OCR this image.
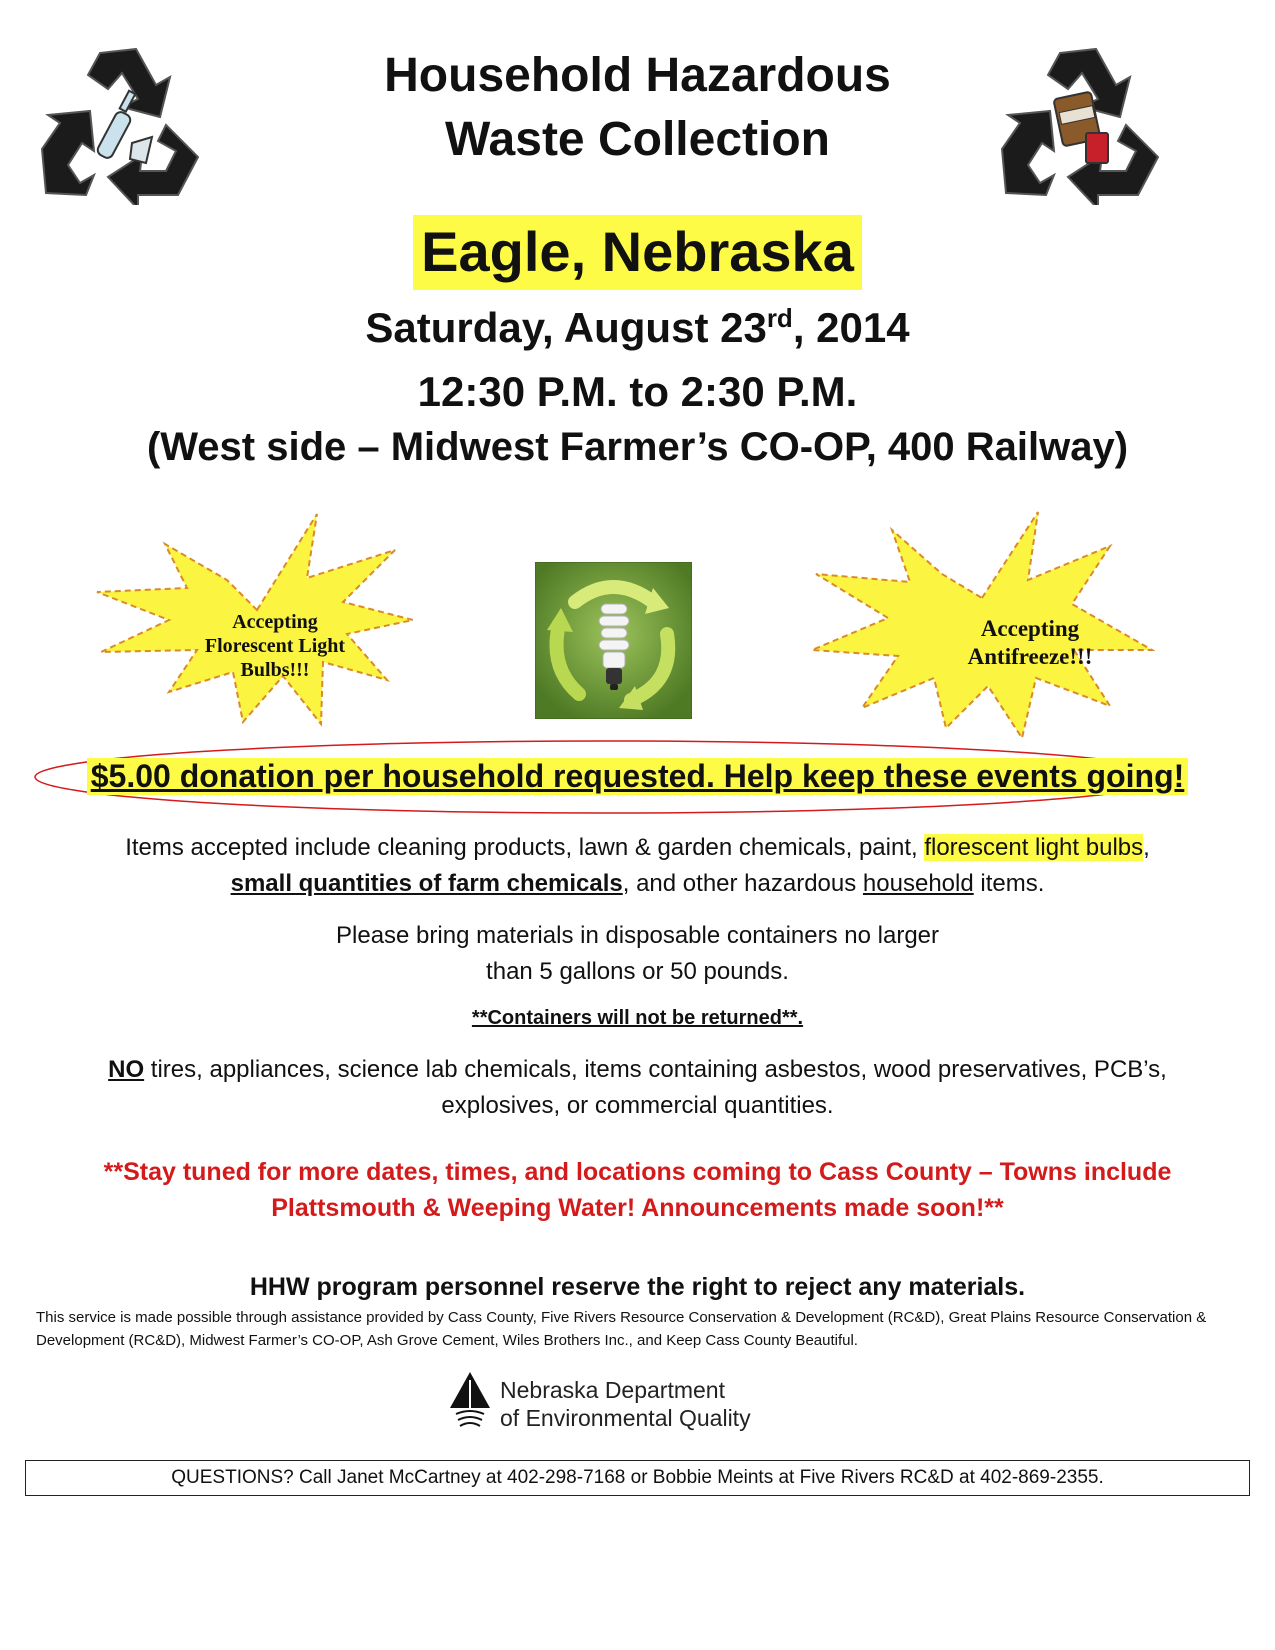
Household Hazardous
Waste Collection
Eagle, Nebraska
Saturday, August 23rd, 2014
12:30 P.M. to 2:30 P.M.
(West side – Midwest Farmer’s CO-OP, 400 Railway)
Accepting
Florescent Light
Bulbs!!!
Accepting
Antifreeze!!!
$5.00 donation per household requested. Help keep these events going!
Items accepted include cleaning products, lawn & garden chemicals, paint, florescent light bulbs,
small quantities of farm chemicals, and other hazardous household items.
Please bring materials in disposable containers no larger
than 5 gallons or 50 pounds.
**Containers will not be returned**.
NO tires, appliances, science lab chemicals, items containing asbestos, wood preservatives, PCB’s,
explosives, or commercial quantities.
**Stay tuned for more dates, times, and locations coming to Cass County – Towns include
Plattsmouth & Weeping Water! Announcements made soon!**
HHW program personnel reserve the right to reject any materials.
This service is made possible through assistance provided by Cass County, Five Rivers Resource Conservation & Development (RC&D), Great Plains Resource Conservation & Development (RC&D), Midwest Farmer’s CO-OP, Ash Grove Cement, Wiles Brothers Inc., and Keep Cass County Beautiful.
Nebraska Department
of Environmental Quality
QUESTIONS? Call Janet McCartney at 402-298-7168 or Bobbie Meints at Five Rivers RC&D at 402-869-2355.
